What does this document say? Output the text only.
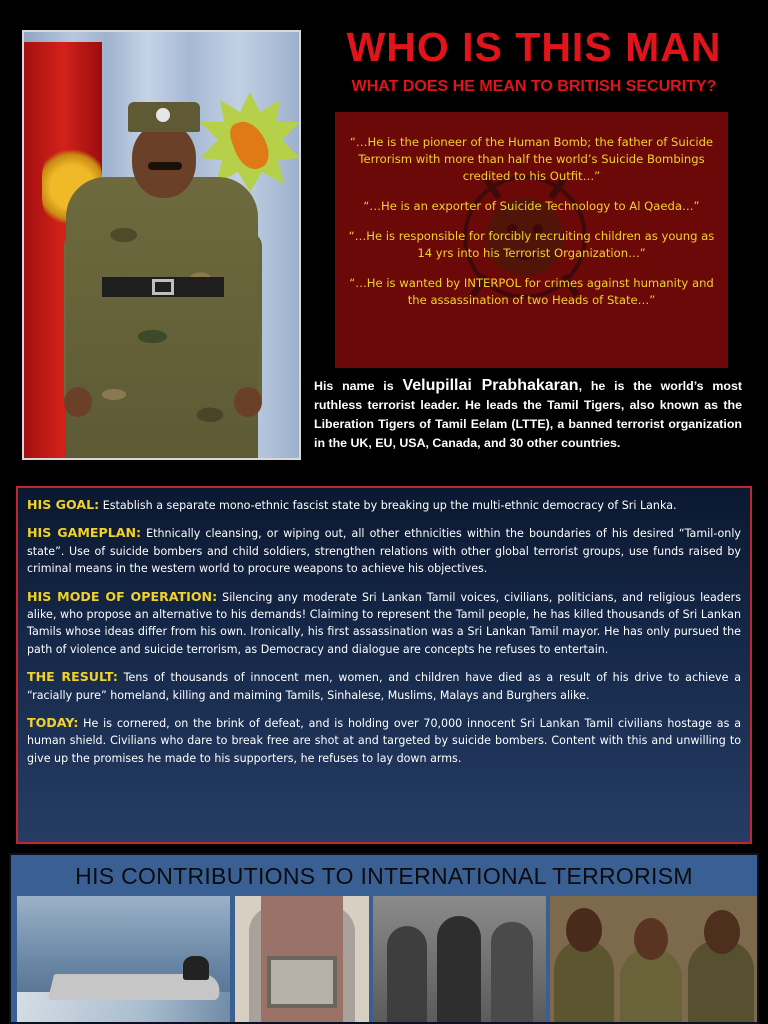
WHO IS THIS MAN
WHAT DOES HE MEAN TO BRITISH SECURITY?

“…He is the pioneer of the Human Bomb; the father of Suicide Terrorism with more than half the world’s Suicide Bombings credited to his Outfit…”

“…He is an exporter of Suicide Technology to Al Qaeda…”

“…He is responsible for forcibly recruiting children as young as 14 yrs into his Terrorist Organization…”

“…He is wanted by INTERPOL for crimes against humanity and the assassination of two Heads of State…”

His name is Velupillai Prabhakaran, he is the world’s most ruthless terrorist leader. He leads the Tamil Tigers, also known as the Liberation Tigers of Tamil Eelam (LTTE), a banned terrorist organization in the UK, EU, USA, Canada, and 30 other countries.
HIS GOAL: Establish a separate mono-ethnic fascist state by breaking up the multi-ethnic democracy of Sri Lanka.
HIS GAMEPLAN: Ethnically cleansing, or wiping out, all other ethnicities within the boundaries of his desired “Tamil-only state”. Use of suicide bombers and child soldiers, strengthen relations with other global terrorist groups, use funds raised by criminal means in the western world to procure weapons to achieve his objectives.
HIS MODE OF OPERATION: Silencing any moderate Sri Lankan Tamil voices, civilians, politicians, and religious leaders alike, who propose an alternative to his demands! Claiming to represent the Tamil people, he has killed thousands of Sri Lankan Tamils whose ideas differ from his own. Ironically, his first assassination was a Sri Lankan Tamil mayor. He has only pursued the path of violence and suicide terrorism, as Democracy and dialogue are concepts he refuses to entertain.
THE RESULT: Tens of thousands of innocent men, women, and children have died as a result of his drive to achieve a “racially pure” homeland, killing and maiming Tamils, Sinhalese, Muslims, Malays and Burghers alike.
TODAY: He is cornered, on the brink of defeat, and is holding over 70,000 innocent Sri Lankan Tamil civilians hostage as a human shield. Civilians who dare to break free are shot at and targeted by suicide bombers. Content with this and unwilling to give up the promises he made to his supporters, he refuses to lay down arms.
HIS CONTRIBUTIONS TO INTERNATIONAL TERRORISM
